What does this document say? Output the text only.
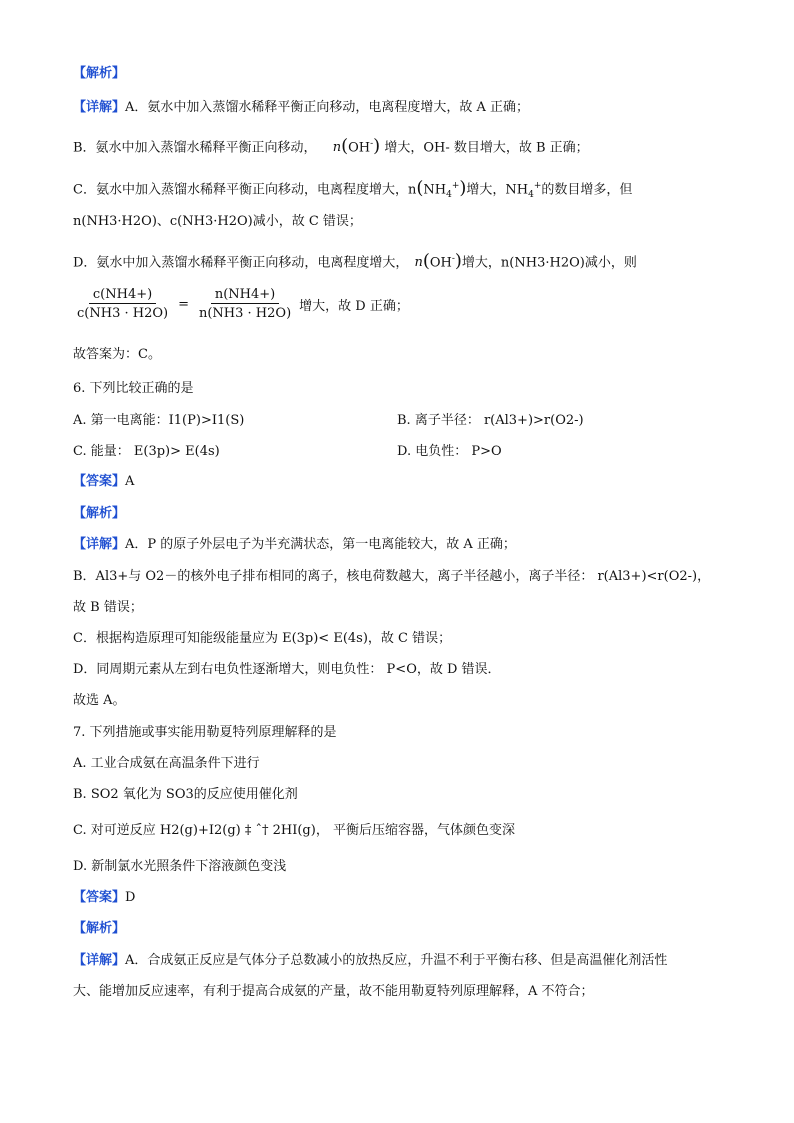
【解析】
【详解】A．氨水中加入蒸馏水稀释平衡正向移动，电离程度增大，故 A 正确；
B．氨水中加入蒸馏水稀释平衡正向移动， n(OH-) 增大，OH- 数目增大，故 B 正确；
C．氨水中加入蒸馏水稀释平衡正向移动，电离程度增大，$n(NH_4^+)$增大，$NH_4^+$的数目增多，但
n(NH3·H2O)、c(NH3·H2O)减小，故 C 错误；
D．氨水中加入蒸馏水稀释平衡正向移动，电离程度增大， n(OH-)增大，n(NH3·H2O)减小，则
$\frac{c(NH4+)}{c(NH3 \cdot H2O)} = \frac{n(NH4+)}{n(NH3 \cdot H2O)}$ 增大，故 D 正确；
故答案为：C。
6. 下列比较正确的是
A. 第一电离能：I1(P)>I1(S)	B. 离子半径： r(Al3+)>r(O2-)
C. 能量： E(3p)> E(4s)	D. 电负性： P>O
【答案】A
【解析】
【详解】A．P 的原子外层电子为半充满状态，第一电离能较大，故 A 正确；
B．Al3+与 O2－的核外电子排布相同的离子，核电荷数越大，离子半径越小，离子半径： r(Al3+)<r(O2-)，
故 B 错误；
C．根据构造原理可知能级能量应为 E(3p)< E(4s)，故 C 错误；
D．同周期元素从左到右电负性逐渐增大，则电负性： P<O，故 D 错误．
故选 A。
7. 下列措施或事实能用勒夏特列原理解释的是
A. 工业合成氨在高温条件下进行
B. SO2 氧化为 SO3的反应使用催化剂
C. 对可逆反应 H2(g)+I2(g) ‡ ˆ† 2HI(g)， 平衡后压缩容器，气体颜色变深
D. 新制氯水光照条件下溶液颜色变浅
【答案】D
【解析】
【详解】A．合成氨正反应是气体分子总数减小的放热反应，升温不利于平衡右移、但是高温催化剂活性
大、能增加反应速率，有利于提高合成氨的产量，故不能用勒夏特列原理解释，A 不符合；
